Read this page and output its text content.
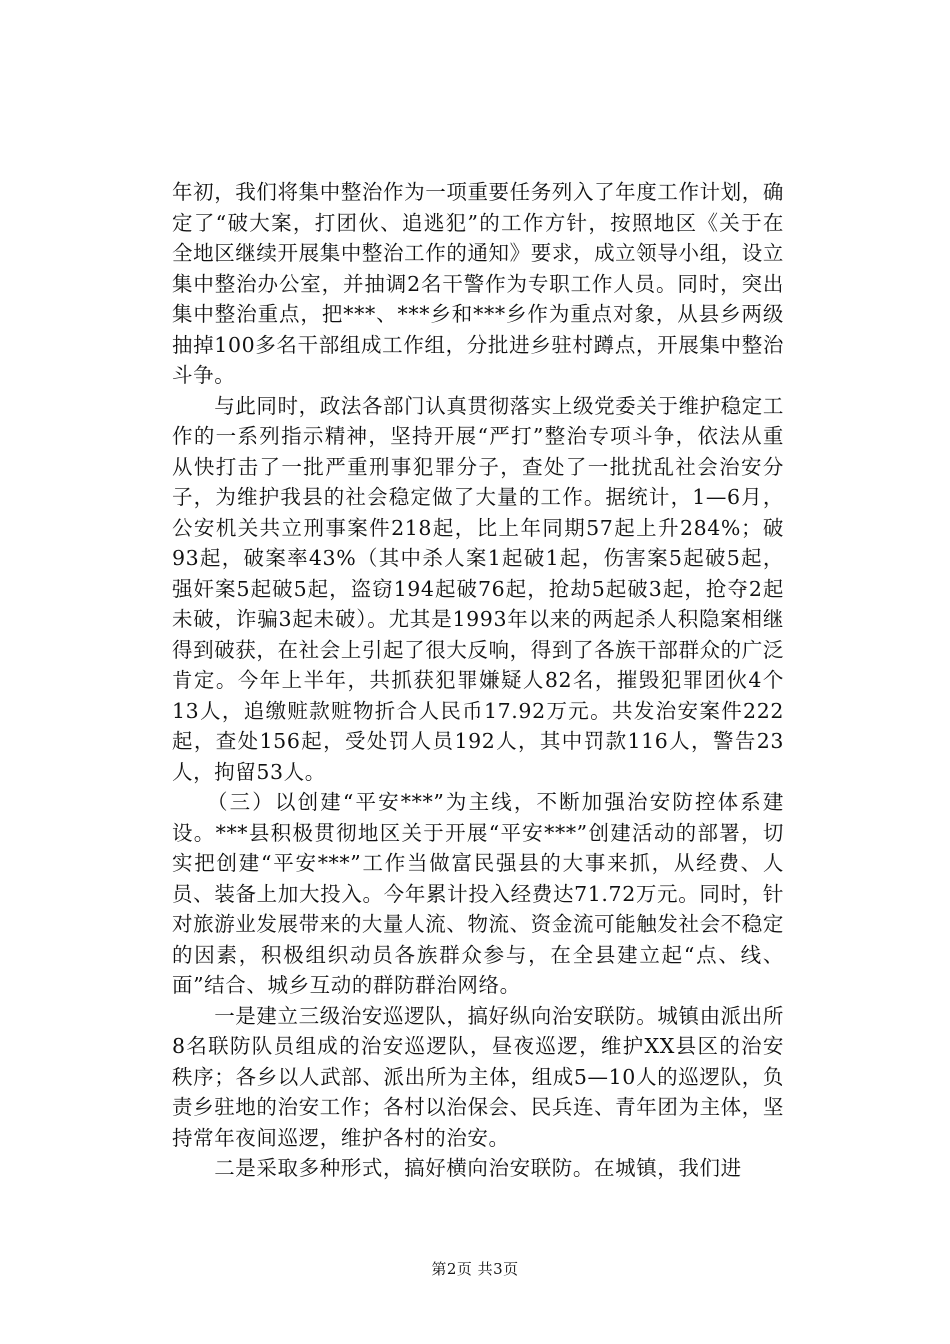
年初，我们将集中整治作为一项重要任务列入了年度工作计划，确定了“破大案，打团伙、追逃犯”的工作方针，按照地区《关于在全地区继续开展集中整治工作的通知》要求，成立领导小组，设立集中整治办公室，并抽调2名干警作为专职工作人员。同时，突出集中整治重点，把***、***乡和***乡作为重点对象，从县乡两级抽掉100多名干部组成工作组，分批进乡驻村蹲点，开展集中整治斗争。

　　与此同时，政法各部门认真贯彻落实上级党委关于维护稳定工作的一系列指示精神，坚持开展“严打”整治专项斗争，依法从重从快打击了一批严重刑事犯罪分子，查处了一批扰乱社会治安分子，为维护我县的社会稳定做了大量的工作。据统计，1—6月，公安机关共立刑事案件218起，比上年同期57起上升284%；破93起，破案率43%（其中杀人案1起破1起，伤害案5起破5起，强奸案5起破5起，盗窃194起破76起，抢劫5起破3起，抢夺2起未破，诈骗3起未破）。尤其是1993年以来的两起杀人积隐案相继得到破获，在社会上引起了很大反响，得到了各族干部群众的广泛肯定。今年上半年，共抓获犯罪嫌疑人82名，摧毁犯罪团伙4个13人，追缴赃款赃物折合人民币17.92万元。共发治安案件222起，查处156起，受处罚人员192人，其中罚款116人，警告23人，拘留53人。

　　（三）以创建“平安***”为主线，不断加强治安防控体系建设。***县积极贯彻地区关于开展“平安***”创建活动的部署，切实把创建“平安***”工作当做富民强县的大事来抓，从经费、人员、装备上加大投入。今年累计投入经费达71.72万元。同时，针对旅游业发展带来的大量人流、物流、资金流可能触发社会不稳定的因素，积极组织动员各族群众参与，在全县建立起“点、线、面”结合、城乡互动的群防群治网络。

　　一是建立三级治安巡逻队，搞好纵向治安联防。城镇由派出所8名联防队员组成的治安巡逻队，昼夜巡逻，维护XX县区的治安秩序；各乡以人武部、派出所为主体，组成5—10人的巡逻队，负责乡驻地的治安工作；各村以治保会、民兵连、青年团为主体，坚持常年夜间巡逻，维护各村的治安。

　　二是采取多种形式，搞好横向治安联防。在城镇，我们进

第2页 共3页
